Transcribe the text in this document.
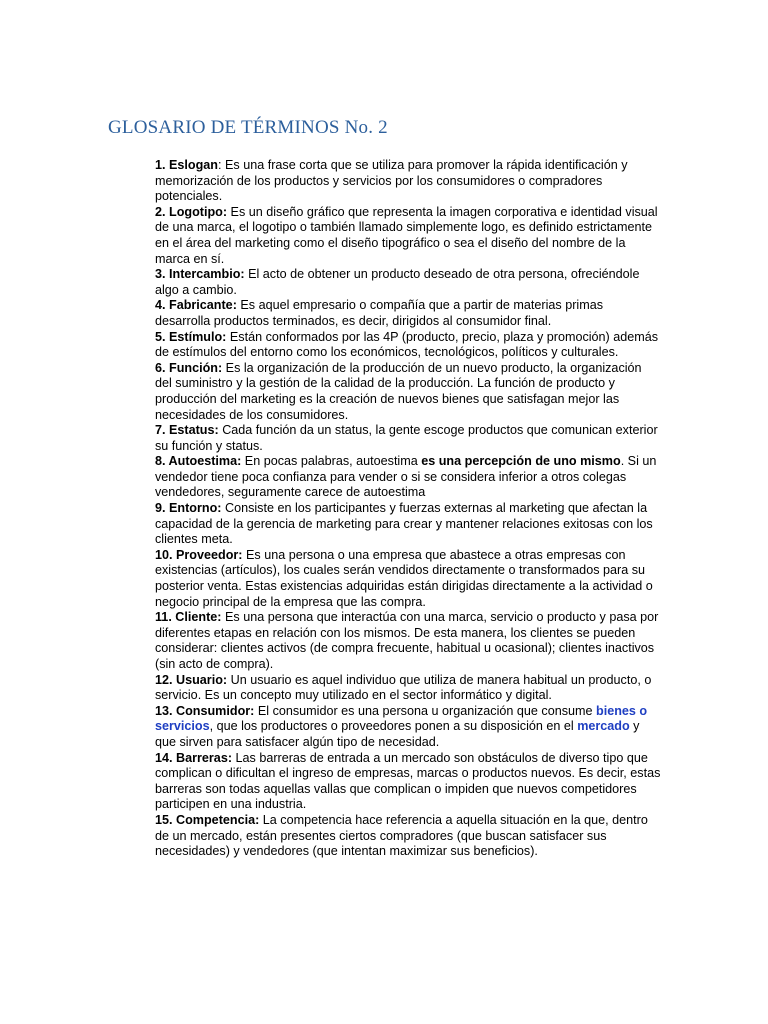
GLOSARIO DE TÉRMINOS No. 2

1. Eslogan: Es una frase corta que se utiliza para promover la rápida identificación y memorización de los productos y servicios por los consumidores o compradores potenciales.

2. Logotipo: Es un diseño gráfico que representa la imagen corporativa e identidad visual de una marca, el logotipo o también llamado simplemente logo, es definido estrictamente en el área del marketing como el diseño tipográfico o sea el diseño del nombre de la marca en sí.

3. Intercambio: El acto de obtener un producto deseado de otra persona, ofreciéndole algo a cambio.

4. Fabricante: Es aquel empresario o compañía que a partir de materias primas desarrolla productos terminados, es decir, dirigidos al consumidor final.

5. Estímulo: Están conformados por las 4P (producto, precio, plaza y promoción) además de estímulos del entorno como los económicos, tecnológicos, políticos y culturales.

6. Función: Es la organización de la producción de un nuevo producto, la organización del suministro y la gestión de la calidad de la producción. La función de producto y producción del marketing es la creación de nuevos bienes que satisfagan mejor las necesidades de los consumidores.

7. Estatus: Cada función da un status, la gente escoge productos que comunican exterior su función y status.

8. Autoestima: En pocas palabras, autoestima es una percepción de uno mismo. Si un vendedor tiene poca confianza para vender o si se considera inferior a otros colegas vendedores, seguramente carece de autoestima

9. Entorno: Consiste en los participantes y fuerzas externas al marketing que afectan la capacidad de la gerencia de marketing para crear y mantener relaciones exitosas con los clientes meta.

10. Proveedor: Es una persona o una empresa que abastece a otras empresas con existencias (artículos), los cuales serán vendidos directamente o transformados para su posterior venta. Estas existencias adquiridas están dirigidas directamente a la actividad o negocio principal de la empresa que las compra.

11. Cliente: Es una persona que interactúa con una marca, servicio o producto y pasa por diferentes etapas en relación con los mismos. De esta manera, los clientes se pueden considerar: clientes activos (de compra frecuente, habitual u ocasional); clientes inactivos (sin acto de compra).

12. Usuario: Un usuario es aquel individuo que utiliza de manera habitual un producto, o servicio. Es un concepto muy utilizado en el sector informático y digital.

13. Consumidor: El consumidor es una persona u organización que consume bienes o servicios, que los productores o proveedores ponen a su disposición en el mercado y que sirven para satisfacer algún tipo de necesidad.

14. Barreras: Las barreras de entrada a un mercado son obstáculos de diverso tipo que complican o dificultan el ingreso de empresas, marcas o productos nuevos. Es decir, estas barreras son todas aquellas vallas que complican o impiden que nuevos competidores participen en una industria.

15. Competencia: La competencia hace referencia a aquella situación en la que, dentro de un mercado, están presentes ciertos compradores (que buscan satisfacer sus necesidades) y vendedores (que intentan maximizar sus beneficios).
